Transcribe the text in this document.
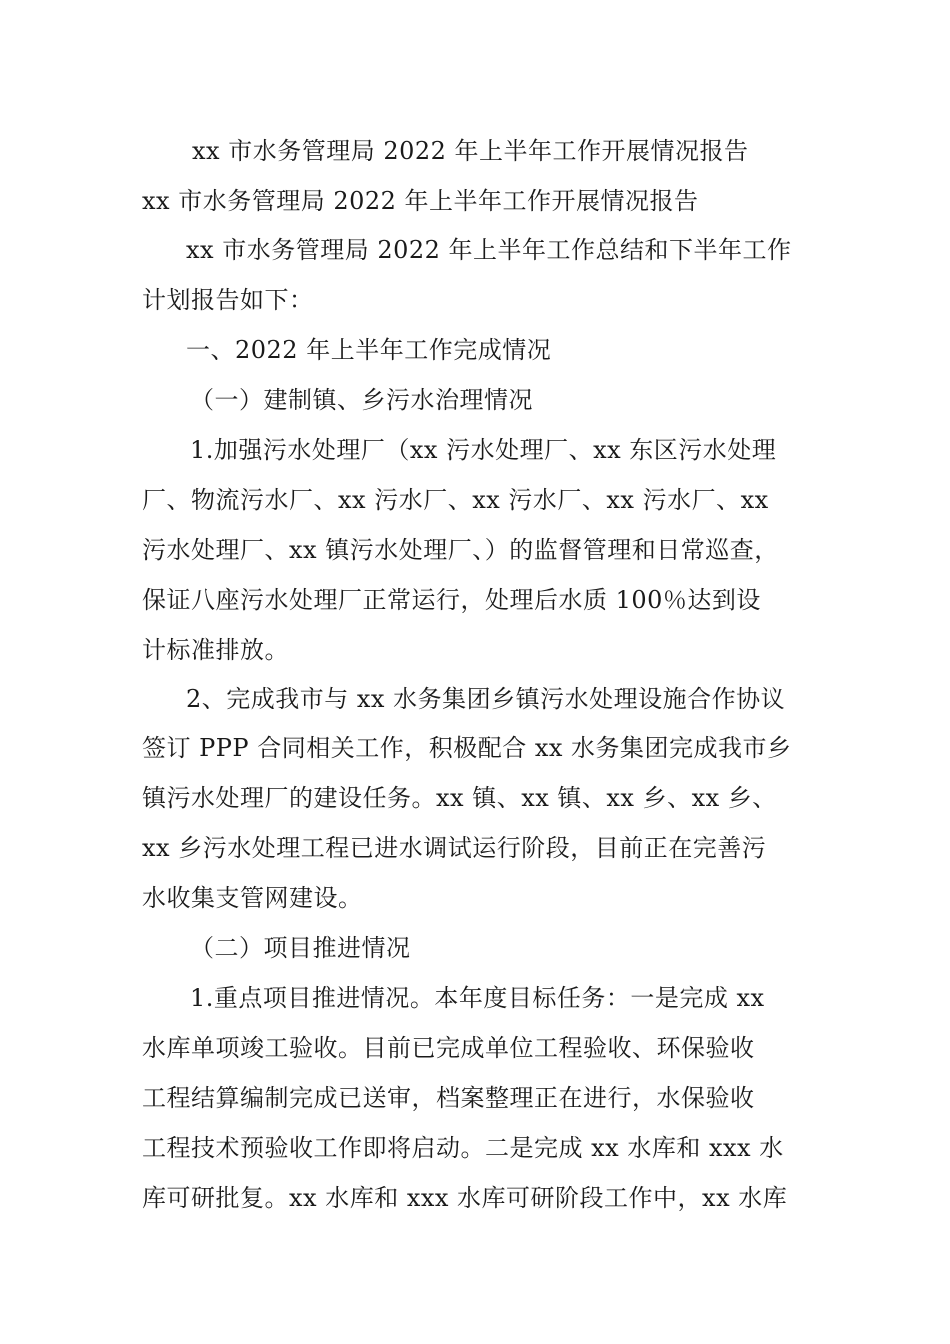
xx 市水务管理局 2022 年上半年工作开展情况报告
xx 市水务管理局 2022 年上半年工作开展情况报告
xx 市水务管理局 2022 年上半年工作总结和下半年工作
计划报告如下：
一、2022 年上半年工作完成情况
（一）建制镇、乡污水治理情况
1.加强污水处理厂（xx 污水处理厂、xx 东区污水处理
厂、物流污水厂、xx 污水厂、xx 污水厂、xx 污水厂、xx
污水处理厂、xx 镇污水处理厂、）的监督管理和日常巡查，
保证八座污水处理厂正常运行，处理后水质 100％达到设
计标准排放。
2、完成我市与 xx 水务集团乡镇污水处理设施合作协议
签订 PPP 合同相关工作，积极配合 xx 水务集团完成我市乡
镇污水处理厂的建设任务。xx 镇、xx 镇、xx 乡、xx 乡、
xx 乡污水处理工程已进水调试运行阶段，目前正在完善污
水收集支管网建设。
（二）项目推进情况
1.重点项目推进情况。本年度目标任务：一是完成 xx
水库单项竣工验收。目前已完成单位工程验收、环保验收
工程结算编制完成已送审，档案整理正在进行，水保验收
工程技术预验收工作即将启动。二是完成 xx 水库和 xxx 水
库可研批复。xx 水库和 xxx 水库可研阶段工作中，xx 水库
